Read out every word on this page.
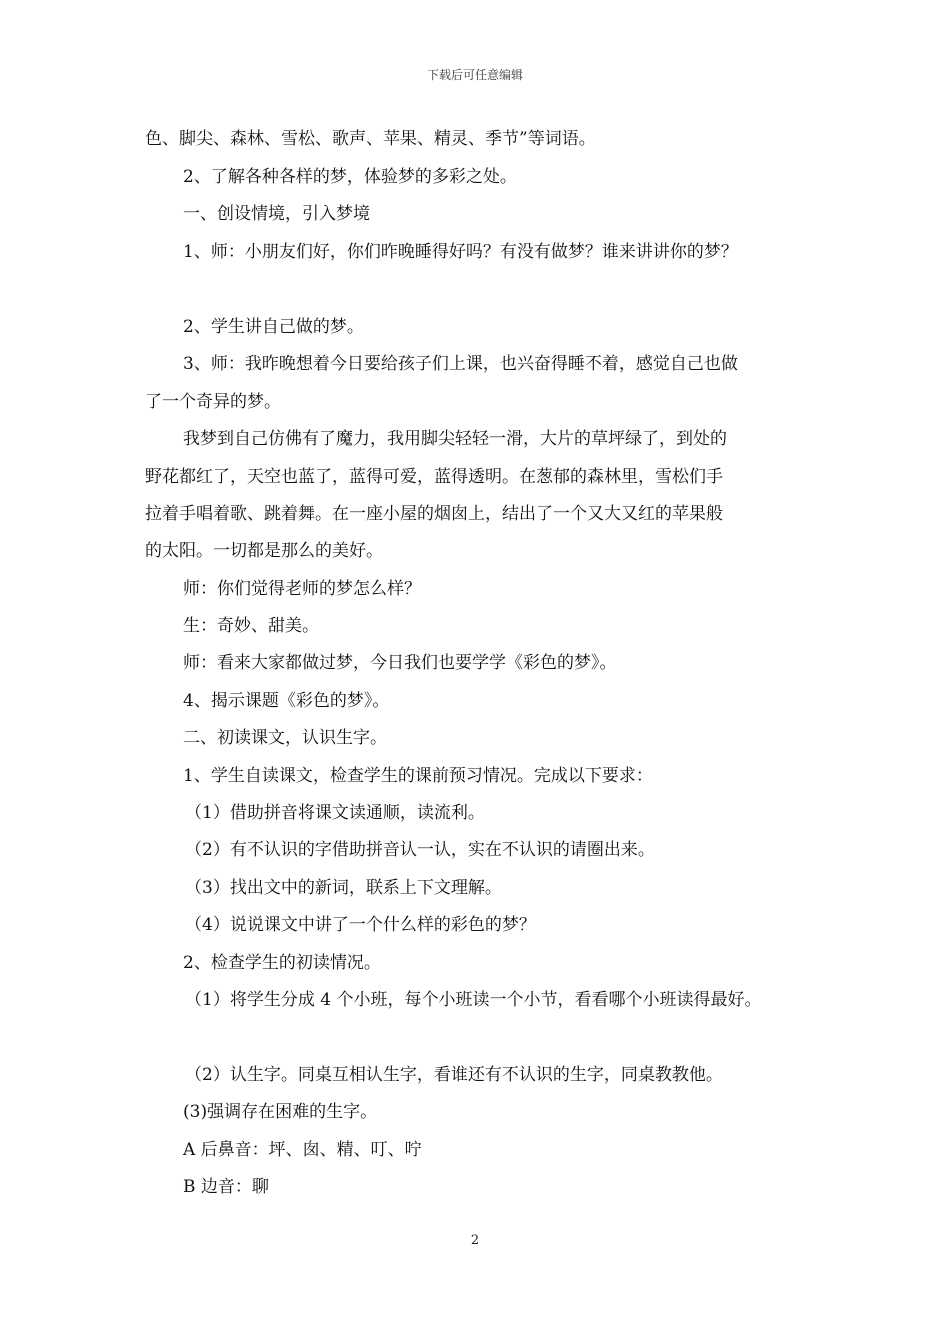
下载后可任意编辑
色、脚尖、森林、雪松、歌声、苹果、精灵、季节”等词语。
2、了解各种各样的梦，体验梦的多彩之处。
一、创设情境，引入梦境
1、师：小朋友们好，你们昨晚睡得好吗？有没有做梦？谁来讲讲你的梦？
2、学生讲自己做的梦。
3、师：我昨晚想着今日要给孩子们上课，也兴奋得睡不着，感觉自己也做
了一个奇异的梦。
我梦到自己仿佛有了魔力，我用脚尖轻轻一滑，大片的草坪绿了，到处的
野花都红了，天空也蓝了，蓝得可爱，蓝得透明。在葱郁的森林里，雪松们手
拉着手唱着歌、跳着舞。在一座小屋的烟囱上，结出了一个又大又红的苹果般
的太阳。一切都是那么的美好。
师：你们觉得老师的梦怎么样？
生：奇妙、甜美。
师：看来大家都做过梦，今日我们也要学学《彩色的梦》。
4、揭示课题《彩色的梦》。
二、初读课文，认识生字。
1、学生自读课文，检查学生的课前预习情况。完成以下要求：
（1）借助拼音将课文读通顺，读流利。
（2）有不认识的字借助拼音认一认，实在不认识的请圈出来。
（3）找出文中的新词，联系上下文理解。
（4）说说课文中讲了一个什么样的彩色的梦？
2、检查学生的初读情况。
（1）将学生分成 4 个小班，每个小班读一个小节，看看哪个小班读得最好。
（2）认生字。同桌互相认生字，看谁还有不认识的生字，同桌教教他。
(3)强调存在困难的生字。
A 后鼻音：坪、囱、精、叮、咛
B 边音：聊
2
